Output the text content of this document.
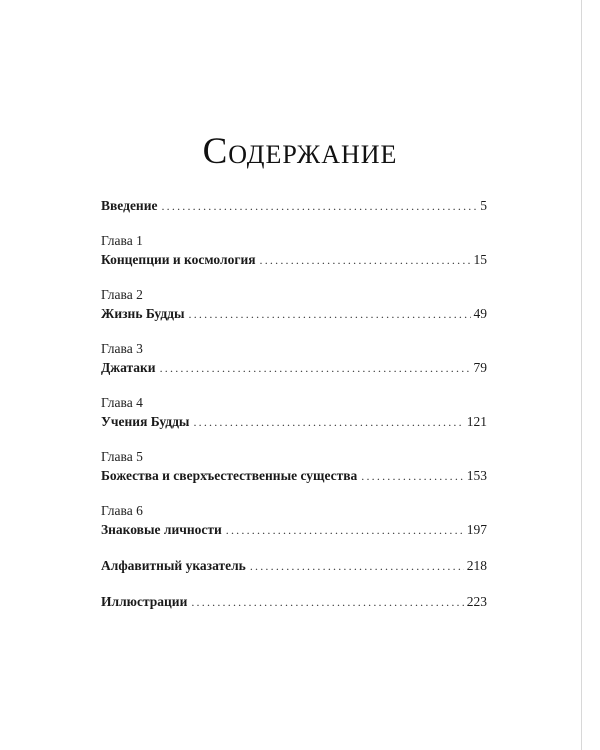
Содержание
Введение .....	5
Глава 1
Концепции и космология .....	15
Глава 2
Жизнь Будды .....	49
Глава 3
Джатаки .....	79
Глава 4
Учения Будды .....	121
Глава 5
Божества и сверхъестественные существа .....	153
Глава 6
Знаковые личности .....	197
Алфавитный указатель .....	218
Иллюстрации .....	223
